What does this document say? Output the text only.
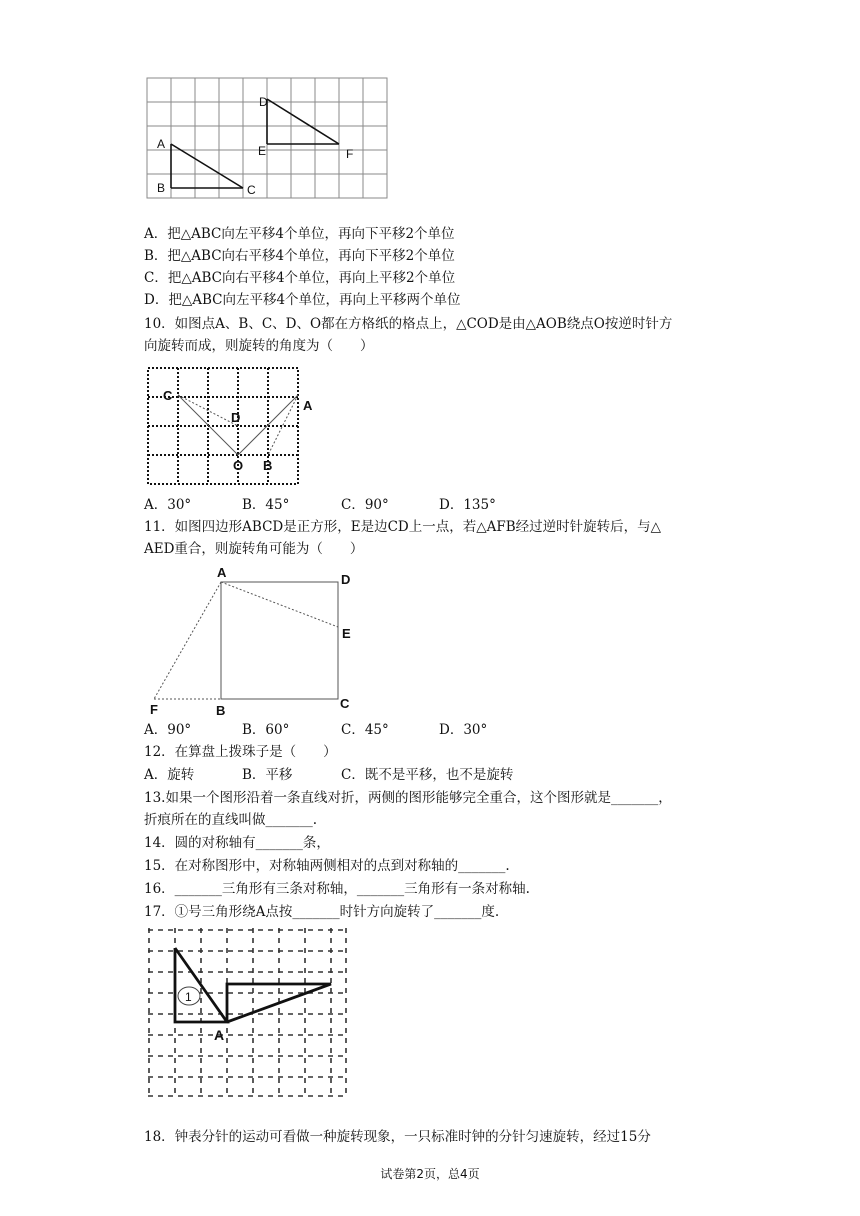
A
B	C
D
E	F
A．把△ABC向左平移4个单位，再向下平移2个单位
B．把△ABC向右平移4个单位，再向下平移2个单位
C．把△ABC向右平移4个单位，再向上平移2个单位
D．把△ABC向左平移4个单位，再向上平移两个单位
10．如图点A、B、C、D、O都在方格纸的格点上，△COD是由△AOB绕点O按逆时针方
向旋转而成，则旋转的角度为（　　）
C
D
A
O B
A．30°	B．45°	C．90°	D．135°
11．如图四边形ABCD是正方形，E是边CD上一点，若△AFB经过逆时针旋转后，与△
AED重合，则旋转角可能为（　　）
A	D
E
F	B	C
A．90°	B．60°	C．45°	D．30°
12．在算盘上拨珠子是（　　）
A．旋转	B．平移	C．既不是平移，也不是旋转
13.如果一个图形沿着一条直线对折，两侧的图形能够完全重合，这个图形就是_______，
折痕所在的直线叫做_______.
14．圆的对称轴有_______条，
15．在对称图形中，对称轴两侧相对的点到对称轴的_______.
16．_______三角形有三条对称轴，_______三角形有一条对称轴.
17．①号三角形绕A点按_______时针方向旋转了_______度.
1
A
18．钟表分针的运动可看做一种旋转现象，一只标准时钟的分针匀速旋转，经过15分
试卷第2页，总4页
